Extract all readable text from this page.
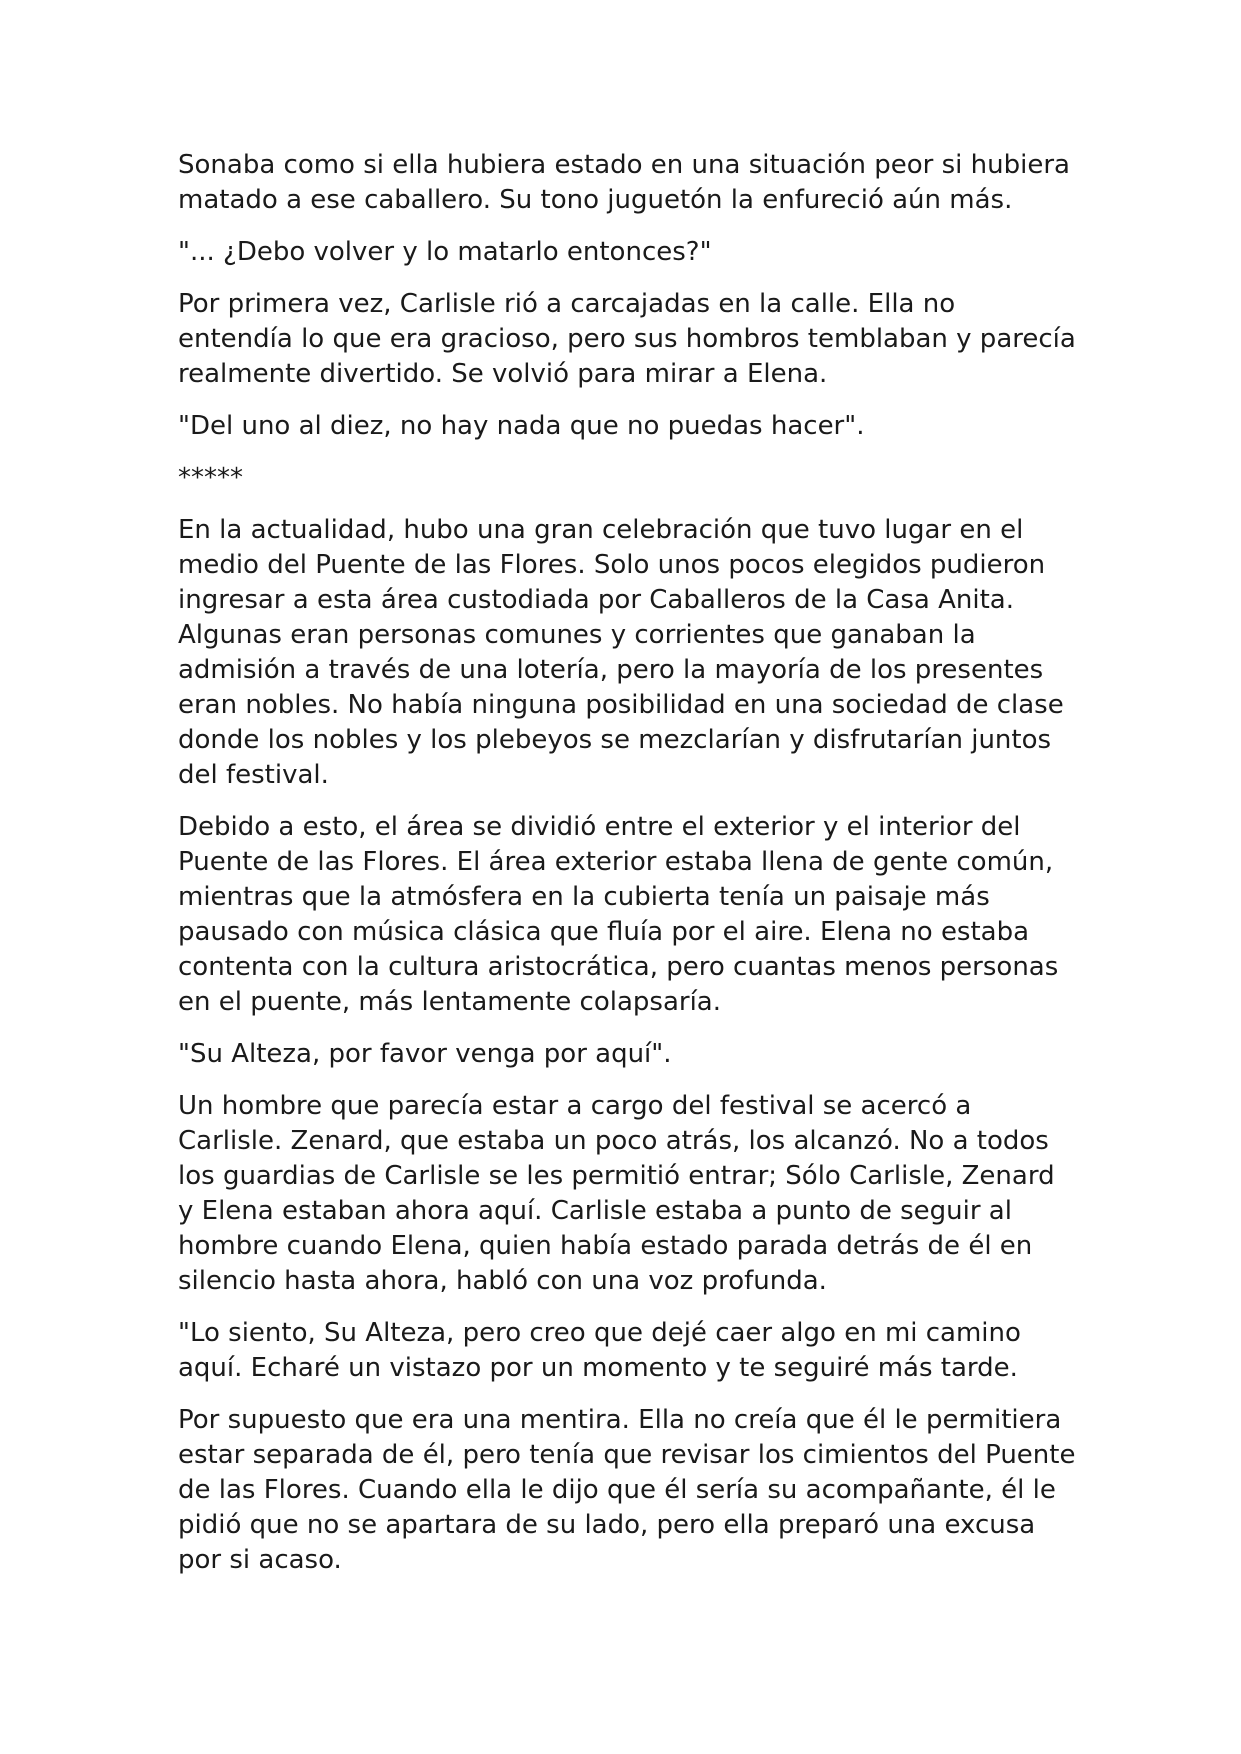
Sonaba como si ella hubiera estado en una situación peor si hubiera matado a ese caballero. Su tono juguetón la enfureció aún más.

"... ¿Debo volver y lo matarlo entonces?"

Por primera vez, Carlisle rió a carcajadas en la calle. Ella no entendía lo que era gracioso, pero sus hombros temblaban y parecía realmente divertido. Se volvió para mirar a Elena.

"Del uno al diez, no hay nada que no puedas hacer".

*****

En la actualidad, hubo una gran celebración que tuvo lugar en el medio del Puente de las Flores. Solo unos pocos elegidos pudieron ingresar a esta área custodiada por Caballeros de la Casa Anita. Algunas eran personas comunes y corrientes que ganaban la admisión a través de una lotería, pero la mayoría de los presentes eran nobles. No había ninguna posibilidad en una sociedad de clase donde los nobles y los plebeyos se mezclarían y disfrutarían juntos del festival.

Debido a esto, el área se dividió entre el exterior y el interior del Puente de las Flores. El área exterior estaba llena de gente común, mientras que la atmósfera en la cubierta tenía un paisaje más pausado con música clásica que fluía por el aire. Elena no estaba contenta con la cultura aristocrática, pero cuantas menos personas en el puente, más lentamente colapsaría.

"Su Alteza, por favor venga por aquí".

Un hombre que parecía estar a cargo del festival se acercó a Carlisle. Zenard, que estaba un poco atrás, los alcanzó. No a todos los guardias de Carlisle se les permitió entrar; Sólo Carlisle, Zenard y Elena estaban ahora aquí. Carlisle estaba a punto de seguir al hombre cuando Elena, quien había estado parada detrás de él en silencio hasta ahora, habló con una voz profunda.

"Lo siento, Su Alteza, pero creo que dejé caer algo en mi camino aquí. Echaré un vistazo por un momento y te seguiré más tarde.

Por supuesto que era una mentira. Ella no creía que él le permitiera estar separada de él, pero tenía que revisar los cimientos del Puente de las Flores. Cuando ella le dijo que él sería su acompañante, él le pidió que no se apartara de su lado, pero ella preparó una excusa por si acaso.
